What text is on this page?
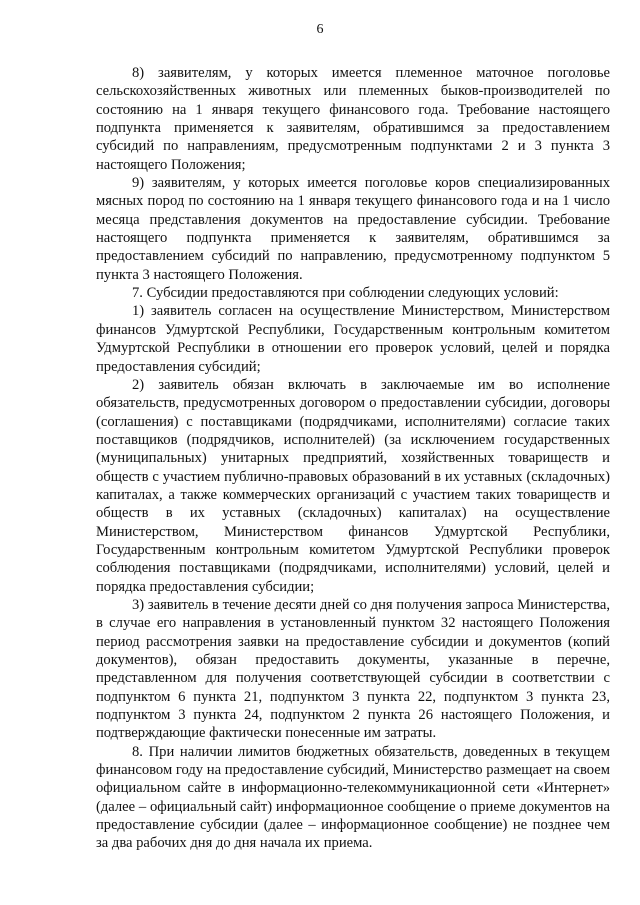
6

8) заявителям, у которых имеется племенное маточное поголовье сельскохозяйственных животных или племенных быков-производителей по состоянию на 1 января текущего финансового года. Требование настоящего подпункта применяется к заявителям, обратившимся за предоставлением субсидий по направлениям, предусмотренным подпунктами 2 и 3 пункта 3 настоящего Положения;

9) заявителям, у которых имеется поголовье коров специализированных мясных пород по состоянию на 1 января текущего финансового года и на 1 число месяца представления документов на предоставление субсидии. Требование настоящего подпункта применяется к заявителям, обратившимся за предоставлением субсидий по направлению, предусмотренному подпунктом 5 пункта 3 настоящего Положения.

7. Субсидии предоставляются при соблюдении следующих условий:

1) заявитель согласен на осуществление Министерством, Министерством финансов Удмуртской Республики, Государственным контрольным комитетом Удмуртской Республики в отношении его проверок условий, целей и порядка предоставления субсидий;

2) заявитель обязан включать в заключаемые им во исполнение обязательств, предусмотренных договором о предоставлении субсидии, договоры (соглашения) с поставщиками (подрядчиками, исполнителями) согласие таких поставщиков (подрядчиков, исполнителей) (за исключением государственных (муниципальных) унитарных предприятий, хозяйственных товариществ и обществ с участием публично-правовых образований в их уставных (складочных) капиталах, а также коммерческих организаций с участием таких товариществ и обществ в их уставных (складочных) капиталах) на осуществление Министерством, Министерством финансов Удмуртской Республики, Государственным контрольным комитетом Удмуртской Республики проверок соблюдения поставщиками (подрядчиками, исполнителями) условий, целей и порядка предоставления субсидии;

3) заявитель в течение десяти дней со дня получения запроса Министерства, в случае его направления в установленный пунктом 32 настоящего Положения период рассмотрения заявки на предоставление субсидии и документов (копий документов), обязан предоставить документы, указанные в перечне, представленном для получения соответствующей субсидии в соответствии с подпунктом 6 пункта 21, подпунктом 3 пункта 22, подпунктом 3 пункта 23, подпунктом 3 пункта 24, подпунктом 2 пункта 26 настоящего Положения, и подтверждающие фактически понесенные им затраты.

8. При наличии лимитов бюджетных обязательств, доведенных в текущем финансовом году на предоставление субсидий, Министерство размещает на своем официальном сайте в информационно-телекоммуникационной сети «Интернет» (далее – официальный сайт) информационное сообщение о приеме документов на предоставление субсидии (далее – информационное сообщение) не позднее чем за два рабочих дня до дня начала их приема.
